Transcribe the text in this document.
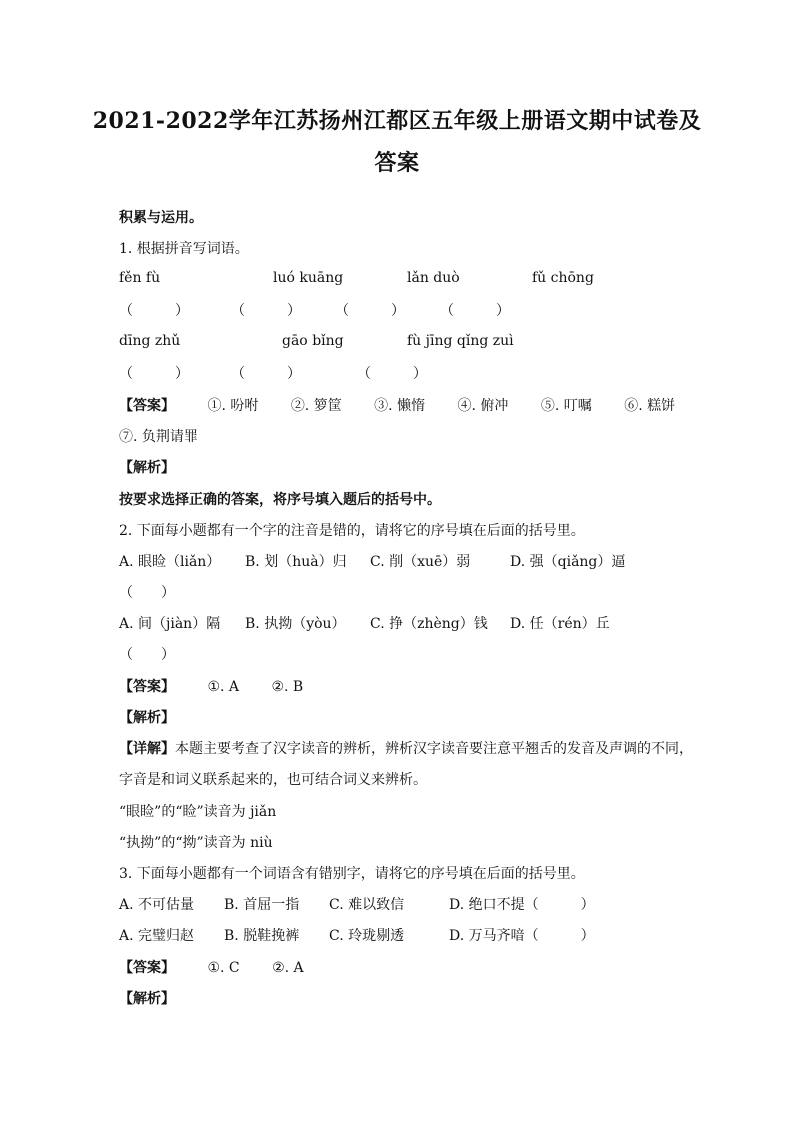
2021-2022学年江苏扬州江都区五年级上册语文期中试卷及
答案
积累与运用。
1. 根据拼音写词语。
fěn fù	luó kuāng	lǎn duò	fǔ chōng
（　　　）	（　　　） （　　　）	（　　　）
dīng zhǔ	gāo bǐng	fù jīng qǐng zuì
（　　　）	（　　　）	（　　　）
【答案】 ①. 吩咐 ②. 箩筐 ③. 懒惰 ④. 俯冲 ⑤. 叮嘱 ⑥. 糕饼
⑦. 负荆请罪
【解析】
按要求选择正确的答案，将序号填入题后的括号中。
2. 下面每小题都有一个字的注音是错的，请将它的序号填在后面的括号里。
A. 眼睑（liǎn） B. 划（huà）归 C. 削（xuē）弱	D. 强（qiǎng）逼
（　　）
A. 间（jiàn）隔 B. 执拗（yòu） C. 挣（zhèng）钱 D. 任（rén）丘
（　　）
【答案】 ①. A ②. B
【解析】
【详解】本题主要考查了汉字读音的辨析，辨析汉字读音要注意平翘舌的发音及声调的不同，
字音是和词义联系起来的，也可结合词义来辨析。
“眼睑”的“睑”读音为 jiǎn
“执拗”的“拗”读音为 niù
3. 下面每小题都有一个词语含有错别字，请将它的序号填在后面的括号里。
A. 不可估量 B. 首屈一指 C. 难以致信	D. 绝口不提（　　　）
A. 完璧归赵 B. 脱鞋挽裤 C. 玲珑剔透	D. 万马齐喑（　　　）
【答案】 ①. C ②. A
【解析】
